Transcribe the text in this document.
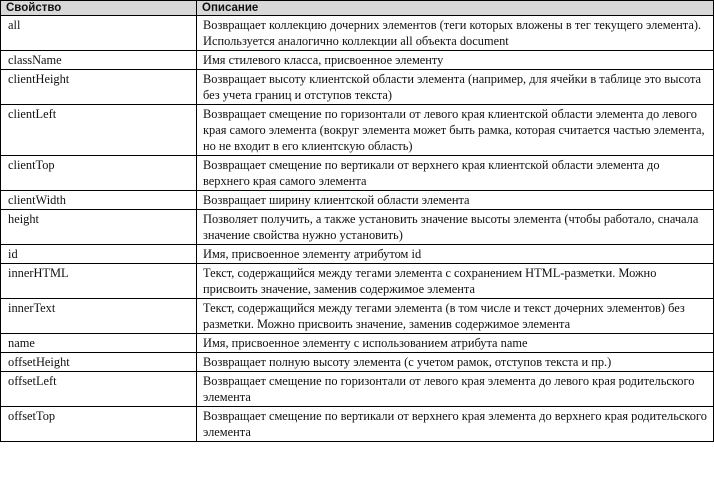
Свойство	Описание
all	Возвращает коллекцию дочерних элементов (теги которых вложены в тег текущего элемента). Используется аналогично коллекции all объекта document
className	Имя стилевого класса, присвоенное элементу
clientHeight	Возвращает высоту клиентской области элемента (например, для ячейки в таблице это высота без учета границ и отступов текста)
clientLeft	Возвращает смещение по горизонтали от левого края клиентской области элемента до левого края самого элемента (вокруг элемента может быть рамка, которая считается частью элемента, но не входит в его клиентскую область)
clientTop	Возвращает смещение по вертикали от верхнего края клиентской области элемента до верхнего края самого элемента
clientWidth	Возвращает ширину клиентской области элемента
height	Позволяет получить, а также установить значение высоты элемента (чтобы работало, сначала значение свойства нужно установить)
id	Имя, присвоенное элементу атрибутом id
innerHTML	Текст, содержащийся между тегами элемента с сохранением HTML-разметки. Можно присвоить значение, заменив содержимое элемента
innerText	Текст, содержащийся между тегами элемента (в том числе и текст дочерних элементов) без разметки. Можно присвоить значение, заменив содержимое элемента
name	Имя, присвоенное элементу с использованием атрибута name
offsetHeight	Возвращает полную высоту элемента (с учетом рамок, отступов текста и пр.)
offsetLeft	Возвращает смещение по горизонтали от левого края элемента до левого края родительского элемента
offsetTop	Возвращает смещение по вертикали от верхнего края элемента до верхнего края родительского элемента
